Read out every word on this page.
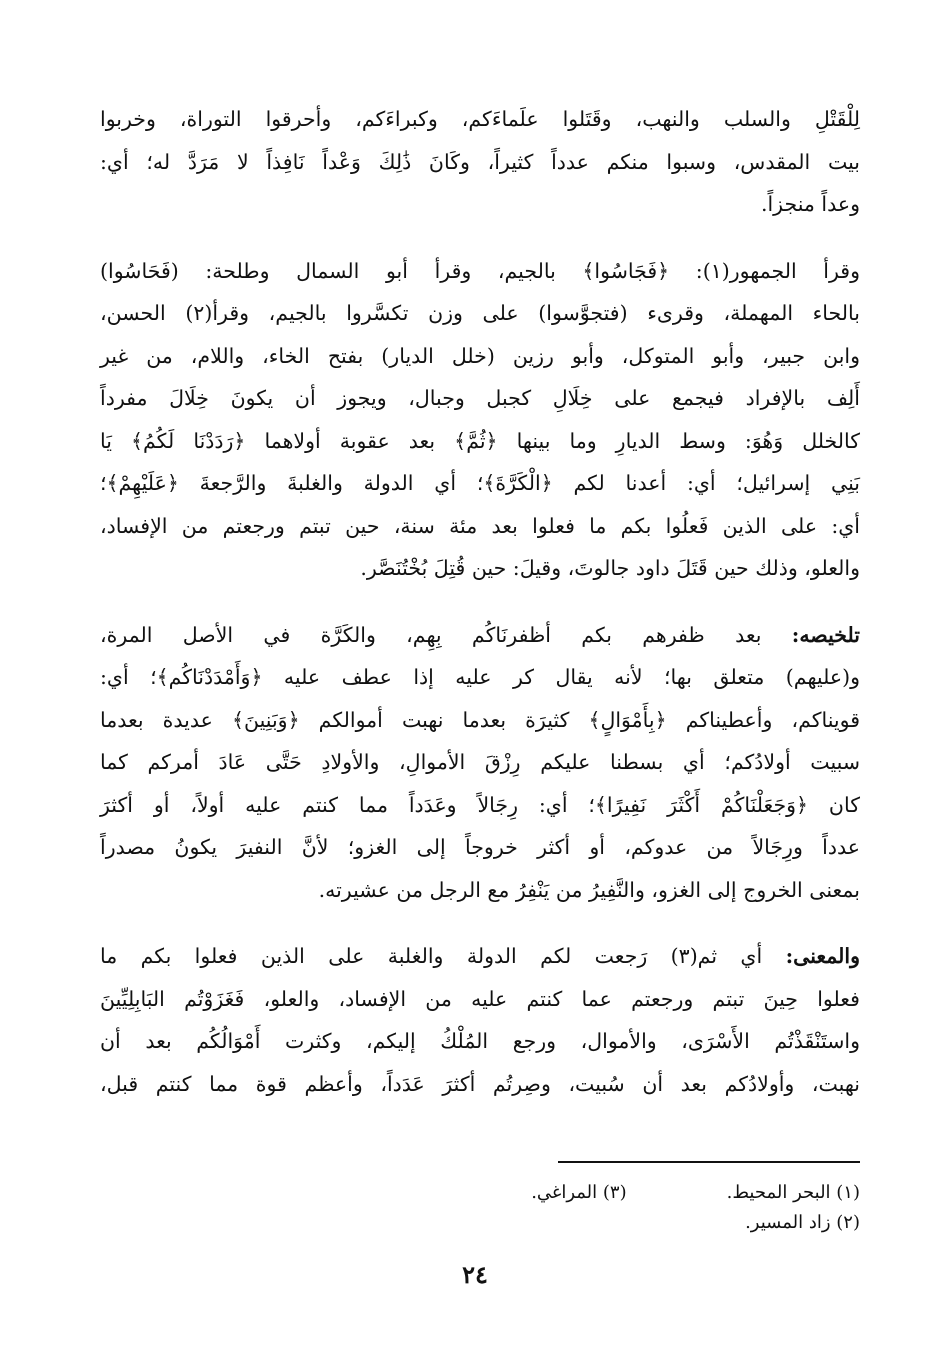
لِلْقَتْلِ والسلب والنهب، وقَتَلوا علَماءَكم، وكبراءَكم، وأحرقوا التوراة، وخربوا
بيت المقدس، وسبوا منكم عدداً كثيراً، وكَانَ ذَٰلِكَ وَعْداً نَافِذاً لا مَرَدَّ له؛ أي:
وعداً منجزاً.
وقرأ الجمهور(١): ﴿فَجَاسُوا﴾ بالجيم، وقرأ أبو السمال وطلحة: (فَحَاسُوا)
بالحاء المهملة، وقرىء (فتجوَّسوا) على وزن تكسَّروا بالجيم، وقرأ(٢) الحسن،
وابن جبير، وأبو المتوكل، وأبو رزين (خلل الديار) بفتح الخاء، واللام، من غير
أَلِف بالإفراد فيجمع على خِلَالِ كجبل وجبال، ويجوز أن يكونَ خِلَالَ مفرداً
كالخلل وَهُوَ: وسط الديارِ وما بينها ﴿ثُمَّ﴾ بعد عقوبة أولاهما ﴿رَدَدْنَا لَكُمُ﴾ يَا
بَنِي إسرائيل؛ أي: أعدنا لكم ﴿الْكَرَّةَ﴾؛ أي الدولة والغلبةَ والرَّجعةَ ﴿عَلَيْهِمْ﴾؛
أي: على الذين فَعلُوا بكم ما فعلوا بعد مئة سنة، حين تبتم ورجعتم من الإفساد،
والعلو، وذلك حين قَتَلَ داود جالوتَ، وقيلَ: حين قُتِلَ بُخْتُنَصَّر.
تلخيصه: بعد ظفرهم بكم أظفرنَاكُم بِهِم، والكَرَّة في الأصل المرة،
و(عليهم) متعلق بها؛ لأنه يقال كر عليه إذا عطف عليه ﴿وَأَمْدَدْنَاكُم﴾؛ أي:
قويناكم، وأعطيناكم ﴿بِأَمْوَالٍ﴾ كثيرَة بعدما نهبت أموالكم ﴿وَبَنِينَ﴾ عديدة بعدما
سبيت أولادُكم؛ أي بسطنا عليكم رِزْقَ الأموالِ، والأولادِ حَتَّى عَادَ أمركم كما
كان ﴿وَجَعَلْنَاكُمْ أَكْثَرَ نَفِيرًا﴾؛ أي: رِجَالاً وعَدَداً مما كنتم عليه أولاً، أو أكثرَ
عدداً ورِجَالاً من عدوكم، أو أكثر خروجاً إلى الغزو؛ لأنَّ النفيرَ يكونُ مصدراً
بمعنى الخروج إلى الغزو، والنَّفِيرُ من يَنْفِرُ مع الرجل من عشيرته.
والمعنى: أي ثم(٣) رَجعت لكم الدولة والغلبة على الذين فعلوا بكم ما
فعلوا حِينَ تبتم ورجعتم عما كنتم عليه من الإفساد، والعلو، فَغَزَوْتُم البَابِلِيِّينَ
واستَنْقَذْتُم الأَسْرَى، والأموال، ورجع المُلْكُ إليكم، وكثرت أَمْوَالُكُم بعد أن
نهبت، وأولادُكم بعد أن سُبيت، وصِرتُم أكثرَ عَدَداً، وأعظم قوة مما كنتم قبل،
(١) البحر المحيط.
(٣) المراغي.
(٢) زاد المسير.
٢٤
